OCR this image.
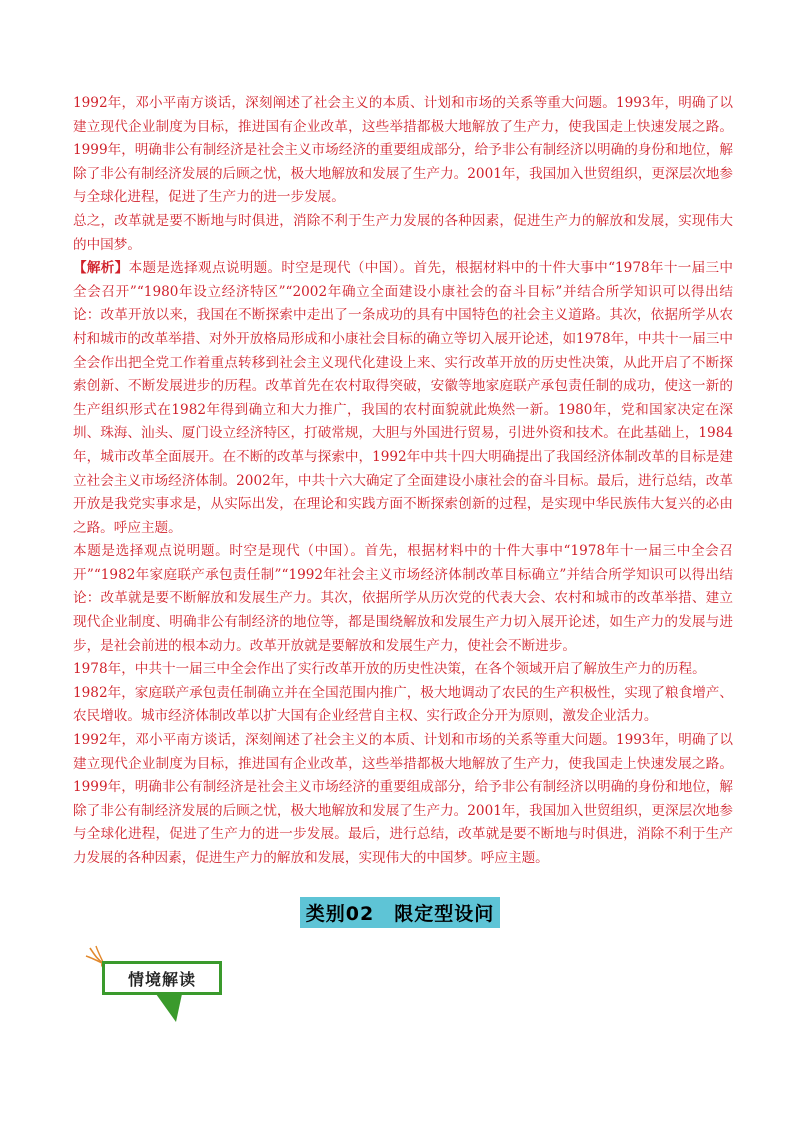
1992年，邓小平南方谈话，深刻阐述了社会主义的本质、计划和市场的关系等重大问题。1993年，明确了以建立现代企业制度为目标，推进国有企业改革，这些举措都极大地解放了生产力，使我国走上快速发展之路。1999年，明确非公有制经济是社会主义市场经济的重要组成部分，给予非公有制经济以明确的身份和地位，解除了非公有制经济发展的后顾之忧，极大地解放和发展了生产力。2001年，我国加入世贸组织，更深层次地参与全球化进程，促进了生产力的进一步发展。

总之，改革就是要不断地与时俱进，消除不利于生产力发展的各种因素，促进生产力的解放和发展，实现伟大的中国梦。

【解析】本题是选择观点说明题。时空是现代（中国）。首先，根据材料中的十件大事中“1978年十一届三中全会召开”“1980年设立经济特区”“2002年确立全面建设小康社会的奋斗目标”并结合所学知识可以得出结论：改革开放以来，我国在不断探索中走出了一条成功的具有中国特色的社会主义道路。其次，依据所学从农村和城市的改革举措、对外开放格局形成和小康社会目标的确立等切入展开论述，如1978年，中共十一届三中全会作出把全党工作着重点转移到社会主义现代化建设上来、实行改革开放的历史性决策，从此开启了不断探索创新、不断发展进步的历程。改革首先在农村取得突破，安徽等地家庭联产承包责任制的成功，使这一新的生产组织形式在1982年得到确立和大力推广，我国的农村面貌就此焕然一新。1980年，党和国家决定在深圳、珠海、汕头、厦门设立经济特区，打破常规，大胆与外国进行贸易，引进外资和技术。在此基础上，1984年，城市改革全面展开。在不断的改革与探索中，1992年中共十四大明确提出了我国经济体制改革的目标是建立社会主义市场经济体制。2002年，中共十六大确定了全面建设小康社会的奋斗目标。最后，进行总结，改革开放是我党实事求是，从实际出发，在理论和实践方面不断探索创新的过程，是实现中华民族伟大复兴的必由之路。呼应主题。

本题是选择观点说明题。时空是现代（中国）。首先，根据材料中的十件大事中“1978年十一届三中全会召开”“1982年家庭联产承包责任制”“1992年社会主义市场经济体制改革目标确立”并结合所学知识可以得出结论：改革就是要不断解放和发展生产力。其次，依据所学从历次党的代表大会、农村和城市的改革举措、建立现代企业制度、明确非公有制经济的地位等，都是围绕解放和发展生产力切入展开论述，如生产力的发展与进步，是社会前进的根本动力。改革开放就是要解放和发展生产力，使社会不断进步。

1978年，中共十一届三中全会作出了实行改革开放的历史性决策，在各个领域开启了解放生产力的历程。

1982年，家庭联产承包责任制确立并在全国范围内推广，极大地调动了农民的生产积极性，实现了粮食增产、农民增收。城市经济体制改革以扩大国有企业经营自主权、实行政企分开为原则，激发企业活力。

1992年，邓小平南方谈话，深刻阐述了社会主义的本质、计划和市场的关系等重大问题。1993年，明确了以建立现代企业制度为目标，推进国有企业改革，这些举措都极大地解放了生产力，使我国走上快速发展之路。1999年，明确非公有制经济是社会主义市场经济的重要组成部分，给予非公有制经济以明确的身份和地位，解除了非公有制经济发展的后顾之忧，极大地解放和发展了生产力。2001年，我国加入世贸组织，更深层次地参与全球化进程，促进了生产力的进一步发展。最后，进行总结，改革就是要不断地与时俱进，消除不利于生产力发展的各种因素，促进生产力的解放和发展，实现伟大的中国梦。呼应主题。

类别02　限定型设问
情境解读
